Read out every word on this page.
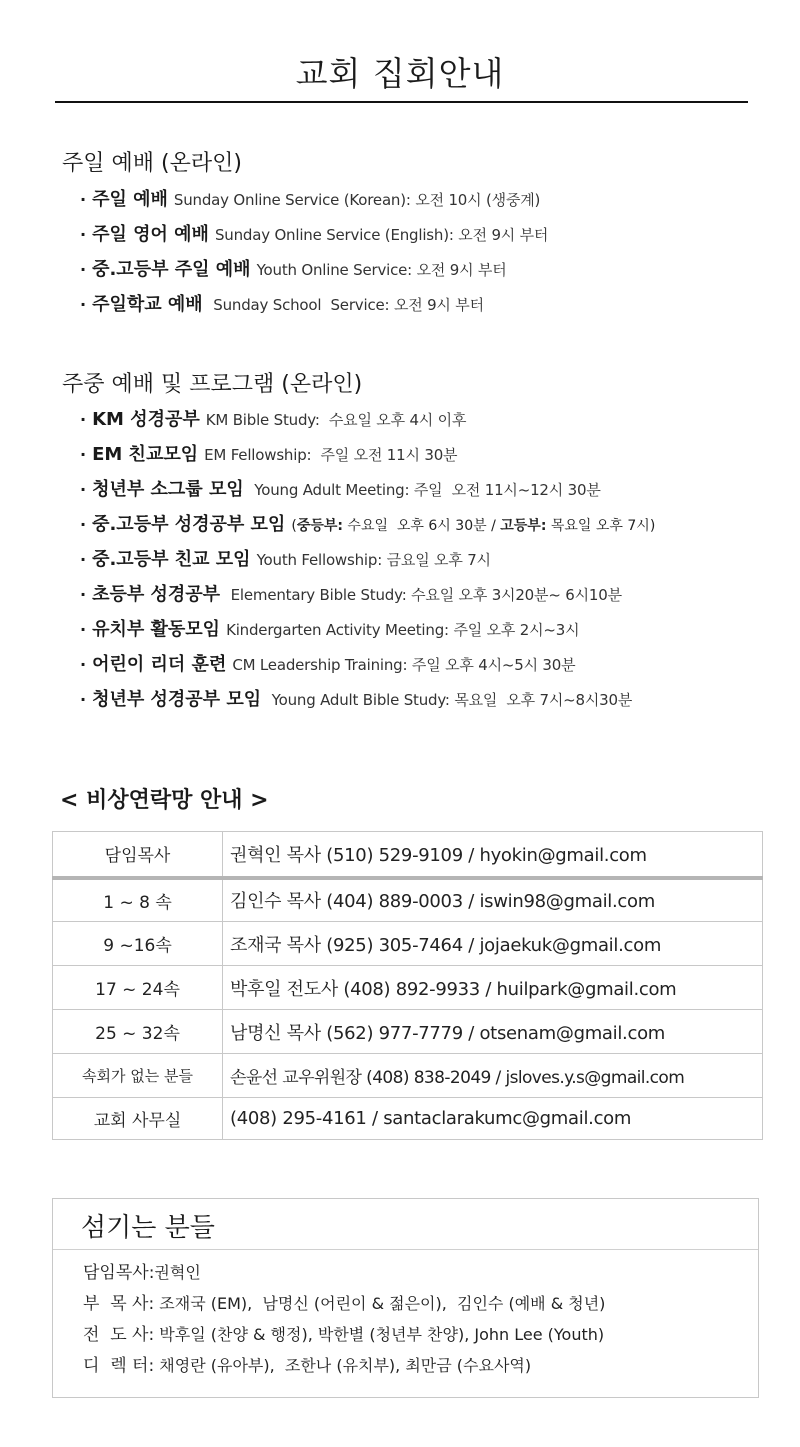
교회 집회안내
주일 예배 (온라인)
· 주일 예배 Sunday Online Service (Korean): 오전 10시 (생중계)
· 주일 영어 예배 Sunday Online Service (English): 오전 9시 부터
· 중.고등부 주일 예배 Youth Online Service: 오전 9시 부터
· 주일학교 예배 Sunday School  Service: 오전 9시 부터
주중 예배 및 프로그램 (온라인)
· KM 성경공부 KM Bible Study:  수요일 오후 4시 이후
· EM 친교모임 EM Fellowship:  주일 오전 11시 30분
· 청년부 소그룹 모임 Young Adult Meeting: 주일  오전 11시~12시 30분
· 중.고등부 성경공부 모임 (중등부: 수요일  오후 6시 30분 / 고등부: 목요일 오후 7시)
· 중.고등부 친교 모임 Youth Fellowship: 금요일 오후 7시
· 초등부 성경공부 Elementary Bible Study: 수요일 오후 3시20분~ 6시10분
· 유치부 활동모임 Kindergarten Activity Meeting: 주일 오후 2시~3시
· 어린이 리더 훈련 CM Leadership Training: 주일 오후 4시~5시 30분
· 청년부 성경공부 모임 Young Adult Bible Study: 목요일  오후 7시~8시30분
< 비상연락망 안내 >
담임목사	권혁인 목사 (510) 529-9109 / hyokin@gmail.com
1 ~ 8 속	김인수 목사 (404) 889-0003 / iswin98@gmail.com
9 ~16속	조재국 목사 (925) 305-7464 / jojaekuk@gmail.com
17 ~ 24속	박후일 전도사 (408) 892-9933 / huilpark@gmail.com
25 ~ 32속	남명신 목사 (562) 977-7779 / otsenam@gmail.com
속회가 없는 분들	손윤선 교우위원장 (408) 838-2049 / jsloves.y.s@gmail.com
교회 사무실	(408) 295-4161 / santaclarakumc@gmail.com
섬기는 분들
담임목사:권혁인
부  목 사: 조재국 (EM),  남명신 (어린이 & 젊은이),  김인수 (예배 & 청년)
전  도 사: 박후일 (찬양 & 행정), 박한별 (청년부 찬양), John Lee (Youth)
디  렉 터: 채영란 (유아부),  조한나 (유치부), 최만금 (수요사역)
